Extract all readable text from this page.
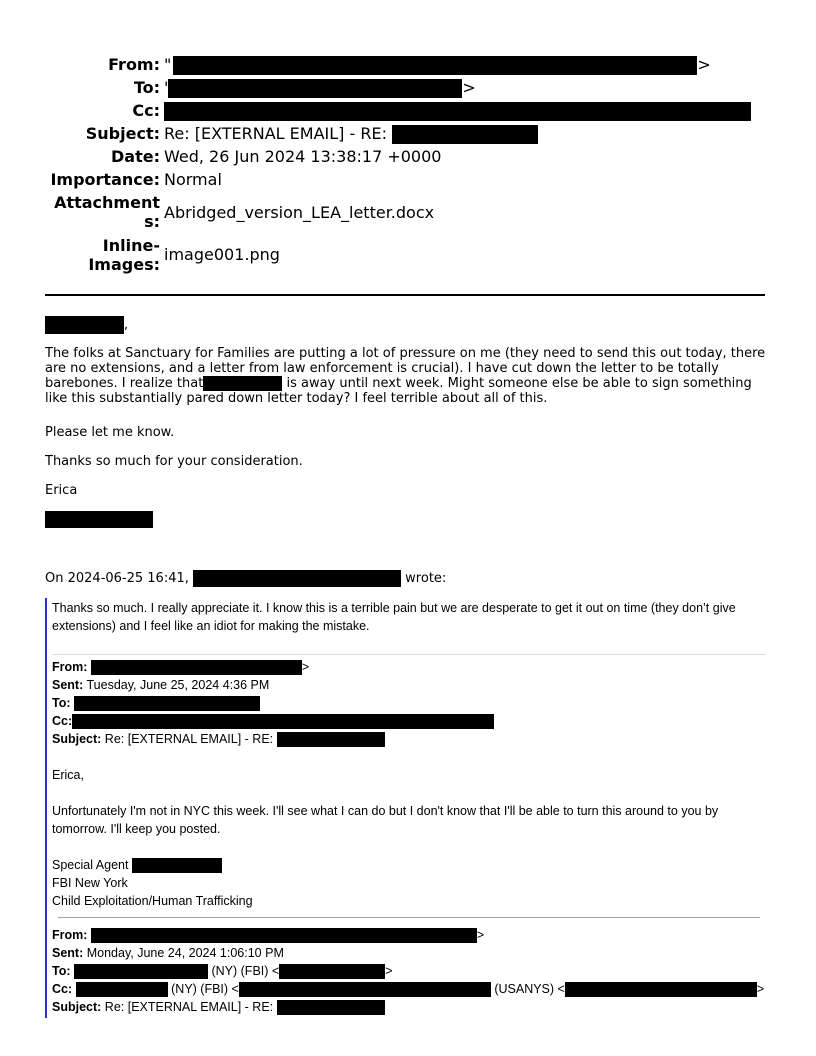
From: "	>
To: '	>
Cc:
Subject: Re: [EXTERNAL EMAIL] - RE:
Date: Wed, 26 Jun 2024 13:38:17 +0000
Importance: Normal
Attachment
s: Abridged_version_LEA_letter.docx
Inline-
Images:
image001.png
,
The folks at Sanctuary for Families are putting a lot of pressure on me (they need to send this out today, there are no extensions, and a letter from law enforcement is crucial). I have cut down the letter to be totally barebones. I realize that	is away until next week. Might someone else be able to sign something like this substantially pared down letter today? I feel terrible about all of this.
Please let me know.
Thanks so much for your consideration.
Erica
On 2024-06-25 16:41,	wrote:
Thanks so much. I really appreciate it. I know this is a terrible pain but we are desperate to get it out on time (they don’t give extensions) and I feel like an idiot for making the mistake.
From:	>
Sent: Tuesday, June 25, 2024 4:36 PM
To:
Cc:
Subject: Re: [EXTERNAL EMAIL] - RE:
Erica,
Unfortunately I'm not in NYC this week. I'll see what I can do but I don't know that I'll be able to turn this around to you by tomorrow. I'll keep you posted.
Special Agent
FBI New York
Child Exploitation/Human Trafficking
From:	>
Sent: Monday, June 24, 2024 1:06:10 PM
To:	(NY) (FBI) <	>
Cc:	(NY) (FBI) <	(USANYS) <	>
Subject: Re: [EXTERNAL EMAIL] - RE:
